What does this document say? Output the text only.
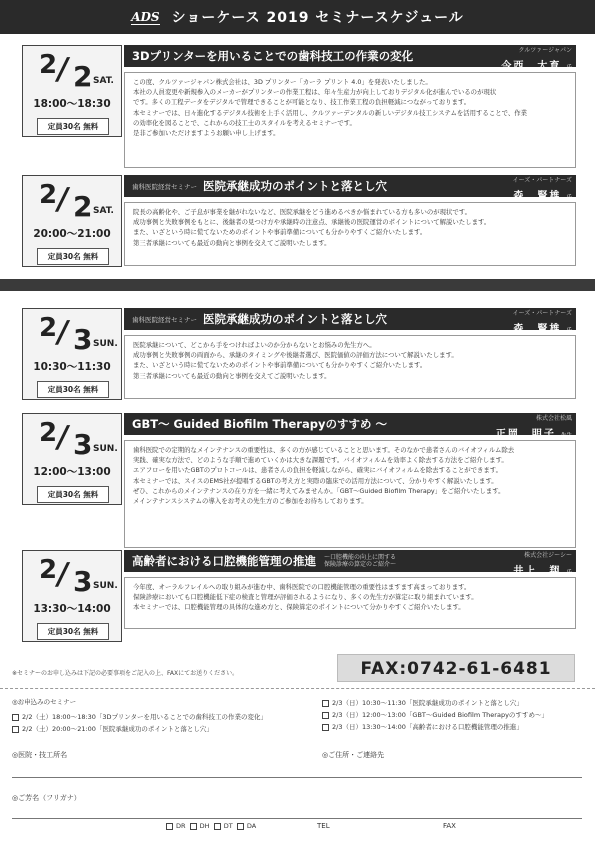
ADS ショーケース 2019 セミナースケジュール
2
/ 2 SAT.
18:00～18:30
定員30名 無料
3Dプリンターを用いることでの歯科技工の作業の変化	クルツァージャパン
今西　大育 氏

この度、クルツァージャパン株式会社は、3D プリンター「カーラ プリント 4.0」を発表いたしました。

本社の人員変更や新規参入のメーカーがプリンターの作業工程は、年々生産力が向上しておりデジタル化が進んでいるのが現状

です。多くの工程データをデジタルで管理できることが可能となり、技工作業工程の負担軽減につながっております。

本セミナーでは、日々進化するデジタル技術を上手く活用し、クルツァーデンタルの新しいデジタル技工システムを活用することで、作業

の効率化を図ることで、これからの技工士のスタイルを考えるセミナーです。

是非ご参加いただけますようお願い申し上げます。

2
/ 2 SAT.
20:00～21:00
定員30名 無料
歯科医院経営セミナー 医院承継成功のポイントと落とし穴	イーズ・パートナーズ
森　賢雄 氏

院長の高齢化や、ご子息が事業を継がれないなど、医院承継をどう進めるべきか悩まれている方も多いのが現状です。

成功事例と失敗事例をもとに、後継者の見つけ方や承継時の注意点、承継後の医院運営のポイントについて解説いたします。

また、いざという時に慌てないためのポイントや事前準備についても分かりやすくご紹介いたします。

第三者承継についても最近の動向と事例を交えてご説明いたします。

2
/ 3 SUN.
10:30～11:30
定員30名 無料
歯科医院経営セミナー 医院承継成功のポイントと落とし穴	イーズ・パートナーズ
森　賢雄 氏

医院承継について、どこから手をつければよいのか分からないとお悩みの先生方へ。

成功事例と失敗事例の両面から、承継のタイミングや後継者選び、医院価値の評価方法について解説いたします。

また、いざという時に慌てないためのポイントや事前準備についても分かりやすくご紹介いたします。

第三者承継についても最近の動向と事例を交えてご説明いたします。

2
/ 3 SUN.
12:00～13:00
定員30名 無料
GBT～ Guided Biofilm Therapyのすすめ ～	株式会社松風
正岡　明子 先生

歯科医院での定期的なメインテナンスの重要性は、多くの方が感じていることと思います。そのなかで患者さんのバイオフィルム除去

実践、確実な方法で、どのような手順で進めていくかは大きな課題です。バイオフィルムを効率よく除去する方法をご紹介します。

エアフローを用いたGBTのプロトコールは、患者さんの負担を軽減しながら、確実にバイオフィルムを除去することができます。

本セミナーでは、スイスのEMS社が提唱するGBTの考え方と実際の臨床での活用方法について、分かりやすく解説いたします。

ぜひ、これからのメインテナンスの在り方を一緒に考えてみませんか。「GBT～Guided Biofilm Therapy」をご紹介いたします。

メインテナンスシステムの導入をお考えの先生方のご参加をお待ちしております。

2
/ 3 SUN.
13:30～14:00
定員30名 無料
高齢者における口腔機能管理の推進 ～口腔機能の向上に関する
保険診療の算定のご紹介～
株式会社ジーシー
井上　翔 氏

今年度、オーラルフレイルへの取り組みが進む中、歯科医院での口腔機能管理の重要性はますます高まっております。

保険診療においても口腔機能低下症の検査と管理が評価されるようになり、多くの先生方が算定に取り組まれています。

本セミナーでは、口腔機能管理の具体的な進め方と、保険算定のポイントについて分かりやすくご紹介いたします。

FAX:0742-61-6481
※セミナーのお申し込みは下記の必要事項をご記入の上、FAXにてお送りください。
◎お申込みのセミナー
2/2（土）18:00～18:30「3Dプリンターを用いることでの歯科技工の作業の変化」
2/2（土）20:00～21:00「医院承継成功のポイントと落とし穴」
2/3（日）10:30～11:30「医院承継成功のポイントと落とし穴」
2/3（日）12:00～13:00「GBT～Guided Biofilm Therapyのすすめ～」
2/3（日）13:30～14:00「高齢者における口腔機能管理の推進」
◎医院・技工所名	◎ご住所・ご連絡先
◎ご芳名（フリガナ）
DR DH DT DA	TEL	FAX
